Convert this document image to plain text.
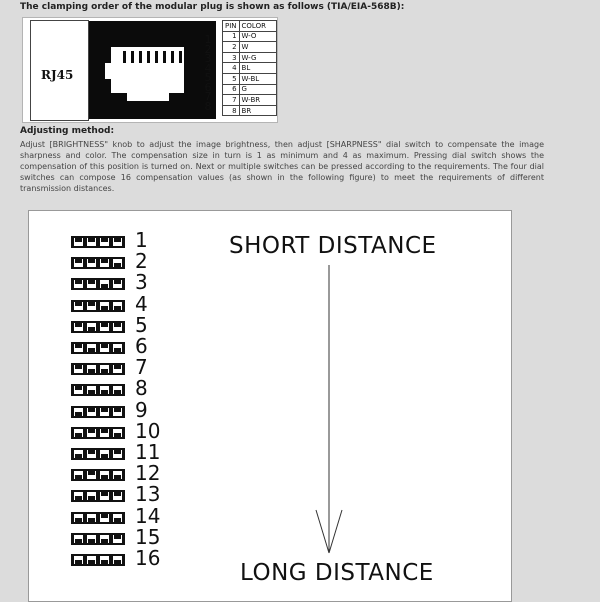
The clamping order of the modular plug is shown as follows (TIA/EIA-568B):
RJ45
1
2
3
4
5
6
7
8
PIN	COLOR
1	W-O
2	W
3	W-G
4	BL
5	W-BL
6	G
7	W-BR
8	BR
Adjusting method:
Adjust [BRIGHTNESS" knob to adjust the image brightness, then adjust [SHARPNESS" dial switch to compensate the image sharpness and color. The compensation size in turn is 1 as minimum and 4 as maximum. Pressing dial switch shows the compensation of this position is turned on. Next or multiple switches can be pressed according to the requirements. The four dial switches can compose 16 compensation values (as shown in the following figure) to meet the requirements of different transmission distances.
SHORT DISTANCE
LONG DISTANCE
1
2
3
4
5
6
7
8
9
10
11
12
13
14
15
16
